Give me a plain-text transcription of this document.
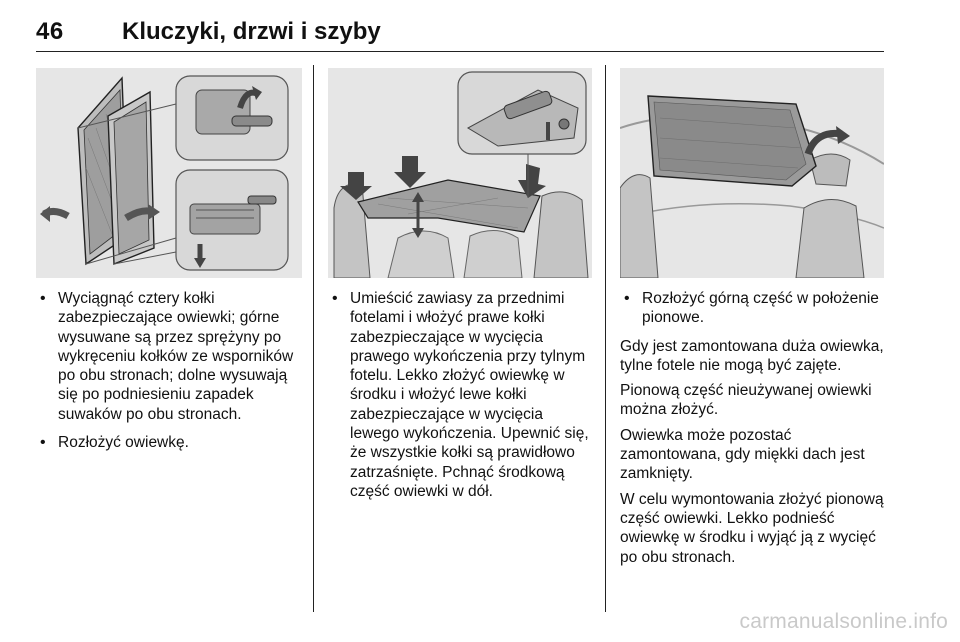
46 Kluczyki, drzwi i szyby
• Wyciągnąć cztery kołki zabezpieczające owiewki; górne wysuwane są przez sprężyny po wykręceniu kołków ze wsporników po obu stronach; dolne wysuwają się po podniesieniu zapadek suwaków po obu stronach.
• Rozłożyć owiewkę.
• Umieścić zawiasy za przednimi fotelami i włożyć prawe kołki zabezpieczające w wycięcia prawego wykończenia przy tylnym fotelu. Lekko złożyć owiewkę w środku i włożyć lewe kołki zabezpieczające w wycięcia lewego wykończenia. Upewnić się, że wszystkie kołki są prawidłowo zatrzaśnięte. Pchnąć środkową część owiewki w dół.
• Rozłożyć górną część w położenie pionowe.
Gdy jest zamontowana duża owiewka, tylne fotele nie mogą być zajęte.
Pionową część nieużywanej owiewki można złożyć.
Owiewka może pozostać zamontowana, gdy miękki dach jest zamknięty.
W celu wymontowania złożyć pionową część owiewki. Lekko podnieść owiewkę w środku i wyjąć ją z wycięć po obu stronach.
carmanualsonline.info
